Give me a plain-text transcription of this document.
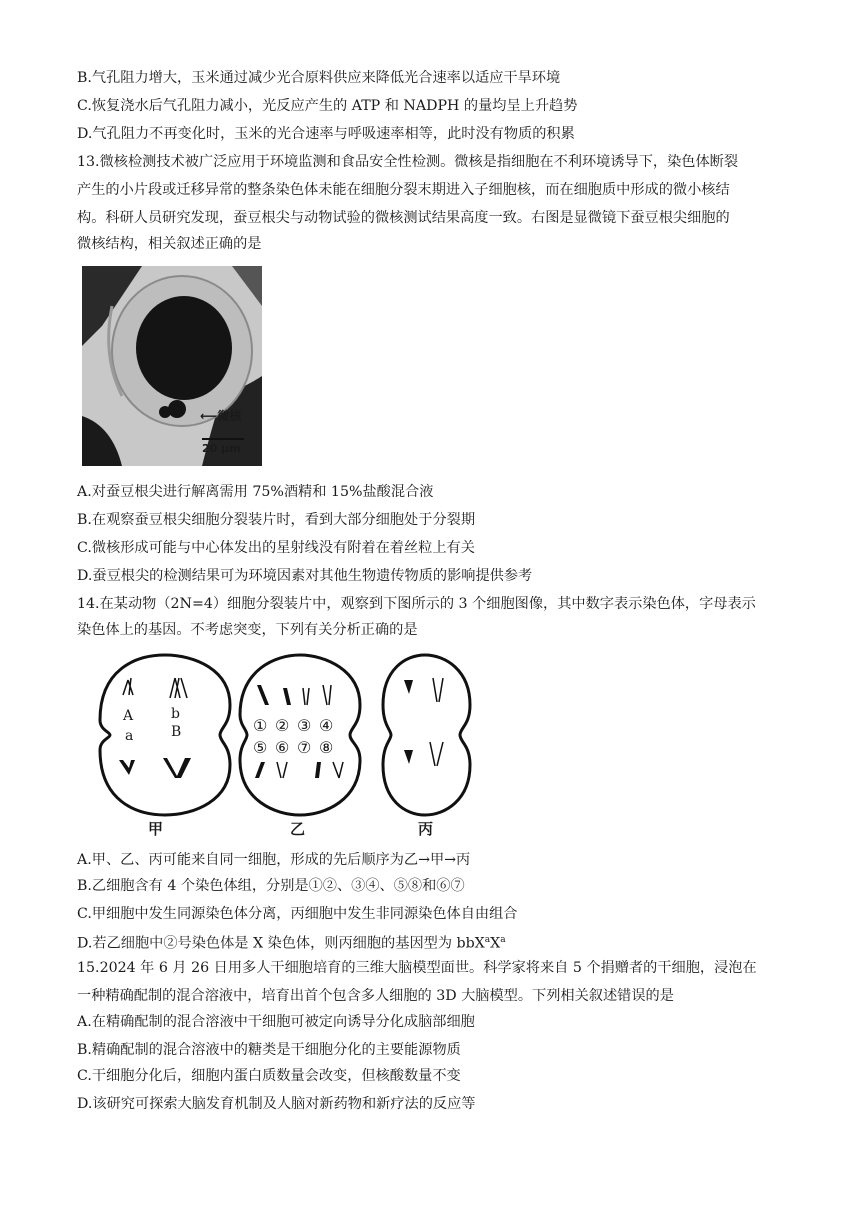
B.气孔阻力增大，玉米通过减少光合原料供应来降低光合速率以适应干旱环境
C.恢复浇水后气孔阻力减小，光反应产生的 ATP 和 NADPH 的量均呈上升趋势
D.气孔阻力不再变化时，玉米的光合速率与呼吸速率相等，此时没有物质的积累
13.微核检测技术被广泛应用于环境监测和食品安全性检测。微核是指细胞在不利环境诱导下，染色体断裂
产生的小片段或迁移异常的整条染色体未能在细胞分裂末期进入子细胞核，而在细胞质中形成的微小核结
构。科研人员研究发现，蚕豆根尖与动物试验的微核测试结果高度一致。右图是显微镜下蚕豆根尖细胞的
微核结构，相关叙述正确的是
⟵微核
20 μm
A.对蚕豆根尖进行解离需用 75%酒精和 15%盐酸混合液
B.在观察蚕豆根尖细胞分裂装片时，看到大部分细胞处于分裂期
C.微核形成可能与中心体发出的星射线没有附着在着丝粒上有关
D.蚕豆根尖的检测结果可为环境因素对其他生物遗传物质的影响提供参考
14.在某动物（2N=4）细胞分裂装片中，观察到下图所示的 3 个细胞图像，其中数字表示染色体，字母表示
染色体上的基因。不考虑突变，下列有关分析正确的是
A
a
b
B	① ② ③ ④
⑤ ⑥ ⑦ ⑧
甲	乙	丙
A.甲、乙、丙可能来自同一细胞，形成的先后顺序为乙→甲→丙
B.乙细胞含有 4 个染色体组，分别是①②、③④、⑤⑧和⑥⑦
C.甲细胞中发生同源染色体分离，丙细胞中发生非同源染色体自由组合
D.若乙细胞中②号染色体是 X 染色体，则丙细胞的基因型为 $bbX^aX^a$
15.2024 年 6 月 26 日用多人干细胞培育的三维大脑模型面世。科学家将来自 5 个捐赠者的干细胞，浸泡在
一种精确配制的混合溶液中，培育出首个包含多人细胞的 3D 大脑模型。下列相关叙述错误的是
A.在精确配制的混合溶液中干细胞可被定向诱导分化成脑部细胞
B.精确配制的混合溶液中的糖类是干细胞分化的主要能源物质
C.干细胞分化后，细胞内蛋白质数量会改变，但核酸数量不变
D.该研究可探索大脑发育机制及人脑对新药物和新疗法的反应等
